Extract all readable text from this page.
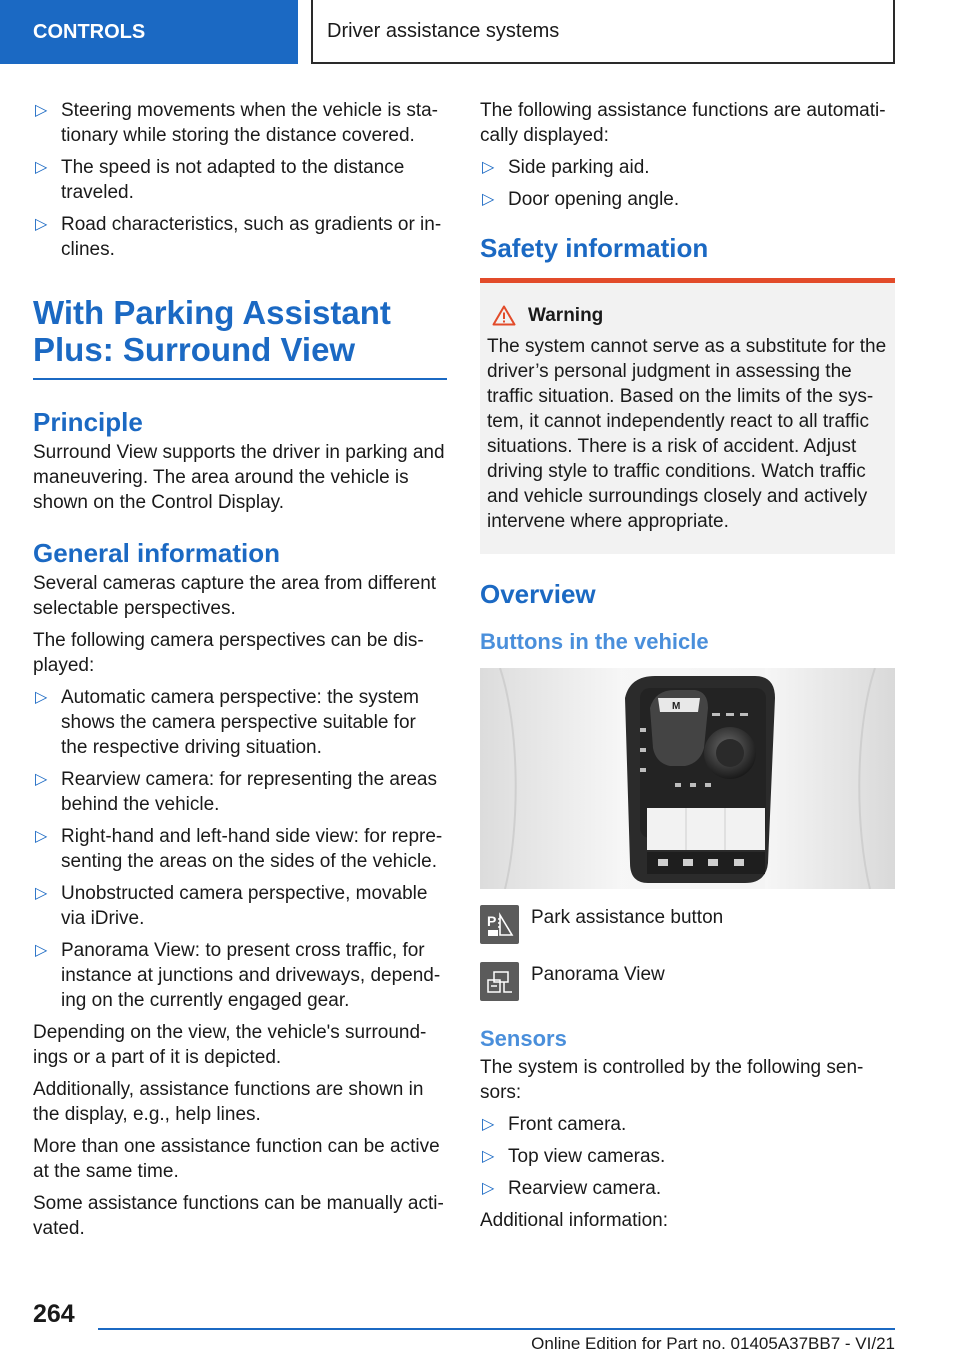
CONTROLS	Driver assistance systems
▷ Steering movements when the vehicle is sta-tionary while storing the distance covered.
▷ The speed is not adapted to the distance traveled.
▷ Road characteristics, such as gradients or in-clines.
With Parking Assistant Plus: Surround View
Principle

Surround View supports the driver in parking and maneuvering. The area around the vehicle is shown on the Control Display.

General information

Several cameras capture the area from different selectable perspectives.

The following camera perspectives can be dis-played:

▷ Automatic camera perspective: the system shows the camera perspective suitable for the respective driving situation.
▷ Rearview camera: for representing the areas behind the vehicle.
▷ Right-hand and left-hand side view: for repre-senting the areas on the sides of the vehicle.
▷ Unobstructed camera perspective, movable via iDrive.
▷ Panorama View: to present cross traffic, for instance at junctions and driveways, depend-ing on the currently engaged gear.

Depending on the view, the vehicle's surround-ings or a part of it is depicted.

Additionally, assistance functions are shown in the display, e.g., help lines.

More than one assistance function can be active at the same time.

Some assistance functions can be manually acti-vated.

The following assistance functions are automati-cally displayed:

▷ Side parking aid.
▷ Door opening angle.
Safety information
Warning
The system cannot serve as a substitute for the driver’s personal judgment in assessing the traffic situation. Based on the limits of the sys-tem, it cannot independently react to all traffic situations. There is a risk of accident. Adjust driving style to traffic conditions. Watch traffic and vehicle surroundings closely and actively intervene where appropriate.
Overview
Buttons in the vehicle
M
P Park assistance button
Panorama View
Sensors

The system is controlled by the following sen-sors:

▷ Front camera.
▷ Top view cameras.
▷ Rearview camera.

Additional information:

264
Online Edition for Part no. 01405A37BB7 - VI/21
